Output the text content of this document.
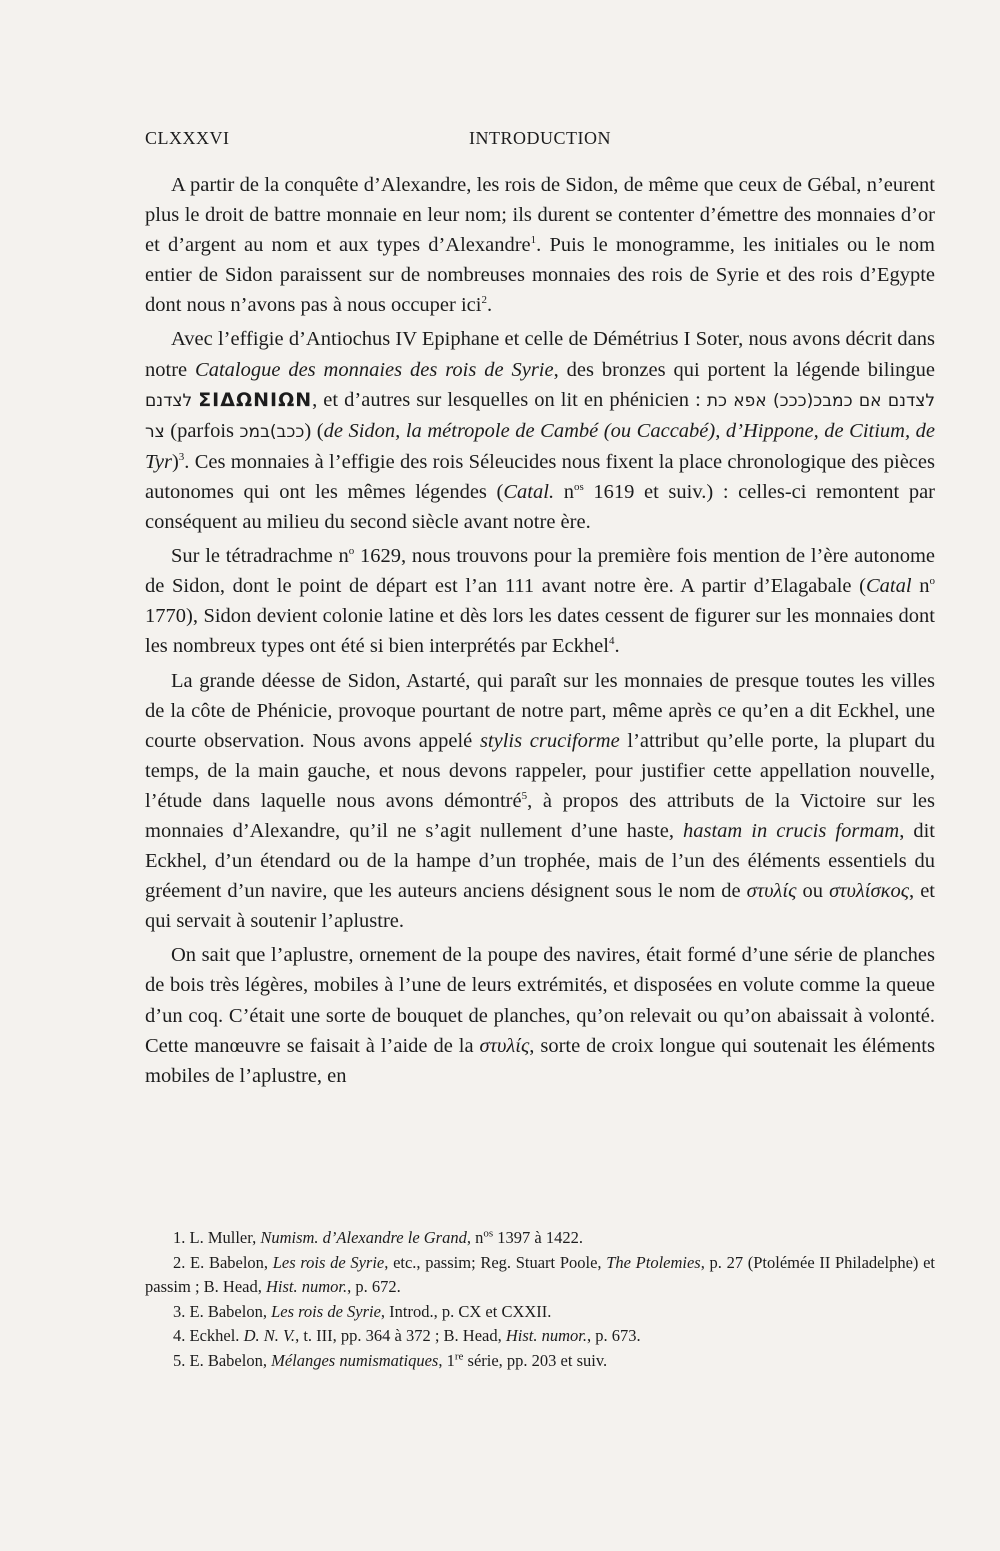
CLXXXVI	INTRODUCTION

A partir de la conquête d’Alexandre, les rois de Sidon, de même que ceux de Gébal, n’eurent plus le droit de battre monnaie en leur nom; ils durent se contenter d’émettre des monnaies d’or et d’argent au nom et aux types d’Alexandre$^1$. Puis le monogramme, les initiales ou le nom entier de Sidon paraissent sur de nombreuses monnaies des rois de Syrie et des rois d’Egypte dont nous n’avons pas à nous occuper ici$^2$.

Avec l’effigie d’Antiochus IV Epiphane et celle de Démétrius I Soter, nous avons décrit dans notre Catalogue des monnaies des rois de Syrie, des bronzes qui portent la légende bilingue לצדנם ΣΙΔΩΝΙΩΝ, et d’autres sur lesquelles on lit en phénicien : לצדנם אם כמבכ(כככ) אפא כת צר (parfois ככב)במכ) (de Sidon, la métropole de Cambé (ou Caccabé), d’Hippone, de Citium, de Tyr)$^3$. Ces monnaies à l’effigie des rois Séleucides nous fixent la place chronologique des pièces autonomes qui ont les mêmes légendes (Catal. $n^{os}$ 1619 et suiv.) : celles-ci remontent par conséquent au milieu du second siècle avant notre ère.

Sur le tétradrachme $n^o$ 1629, nous trouvons pour la première fois mention de l’ère autonome de Sidon, dont le point de départ est l’an 111 avant notre ère. A partir d’Elagabale (Catal $n^o$ 1770), Sidon devient colonie latine et dès lors les dates cessent de figurer sur les monnaies dont les nombreux types ont été si bien interprétés par Eckhel$^4$.

La grande déesse de Sidon, Astarté, qui paraît sur les monnaies de presque toutes les villes de la côte de Phénicie, provoque pourtant de notre part, même après ce qu’en a dit Eckhel, une courte observation. Nous avons appelé stylis cruciforme l’attribut qu’elle porte, la plupart du temps, de la main gauche, et nous devons rappeler, pour justifier cette appellation nouvelle, l’étude dans laquelle nous avons démontré$^5$, à propos des attributs de la Victoire sur les monnaies d’Alexandre, qu’il ne s’agit nullement d’une haste, hastam in crucis formam, dit Eckhel, d’un étendard ou de la hampe d’un trophée, mais de l’un des éléments essentiels du gréement d’un navire, que les auteurs anciens désignent sous le nom de στυλίς ou στυλίσκος, et qui servait à soutenir l’aplustre.

On sait que l’aplustre, ornement de la poupe des navires, était formé d’une série de planches de bois très légères, mobiles à l’une de leurs extrémités, et disposées en volute comme la queue d’un coq. C’était une sorte de bouquet de planches, qu’on relevait ou qu’on abaissait à volonté. Cette manœuvre se faisait à l’aide de la στυλίς, sorte de croix longue qui soutenait les éléments mobiles de l’aplustre, en

1. L. Muller, Numism. d’Alexandre le Grand, $n^{os}$ 1397 à 1422.

2. E. Babelon, Les rois de Syrie, etc., passim; Reg. Stuart Poole, The Ptolemies, p. 27 (Ptolémée II Philadelphe) et passim ; B. Head, Hist. numor., p. 672.

3. E. Babelon, Les rois de Syrie, Introd., p. CX et CXXII.

4. Eckhel. D. N. V., t. III, pp. 364 à 372 ; B. Head, Hist. numor., p. 673.

5. E. Babelon, Mélanges numismatiques, 1re série, pp. 203 et suiv.
